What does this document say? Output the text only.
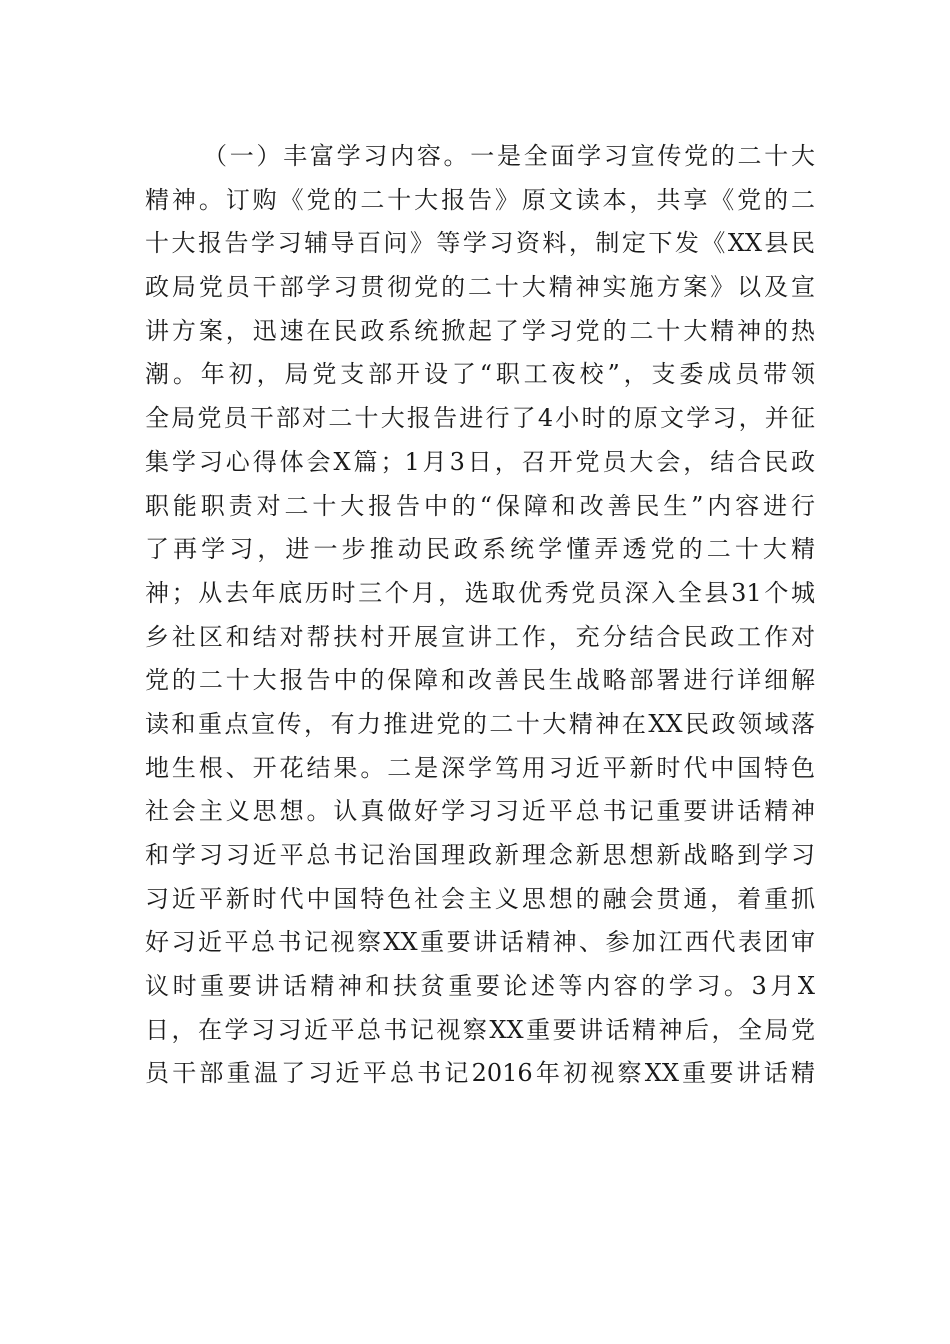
（一）丰富学习内容。一是全面学习宣传党的二十大
精神。订购《党的二十大报告》原文读本，共享《党的二
十大报告学习辅导百问》等学习资料，制定下发《XX县民
政局党员干部学习贯彻党的二十大精神实施方案》以及宣
讲方案，迅速在民政系统掀起了学习党的二十大精神的热
潮。年初，局党支部开设了“职工夜校”，支委成员带领
全局党员干部对二十大报告进行了4小时的原文学习，并征
集学习心得体会X篇；1月3日，召开党员大会，结合民政
职能职责对二十大报告中的“保障和改善民生”内容进行
了再学习，进一步推动民政系统学懂弄透党的二十大精
神；从去年底历时三个月，选取优秀党员深入全县31个城
乡社区和结对帮扶村开展宣讲工作，充分结合民政工作对
党的二十大报告中的保障和改善民生战略部署进行详细解
读和重点宣传，有力推进党的二十大精神在XX民政领域落
地生根、开花结果。二是深学笃用习近平新时代中国特色
社会主义思想。认真做好学习习近平总书记重要讲话精神
和学习习近平总书记治国理政新理念新思想新战略到学习
习近平新时代中国特色社会主义思想的融会贯通，着重抓
好习近平总书记视察XX重要讲话精神、参加江西代表团审
议时重要讲话精神和扶贫重要论述等内容的学习。3月X
日，在学习习近平总书记视察XX重要讲话精神后，全局党
员干部重温了习近平总书记2016年初视察XX重要讲话精
